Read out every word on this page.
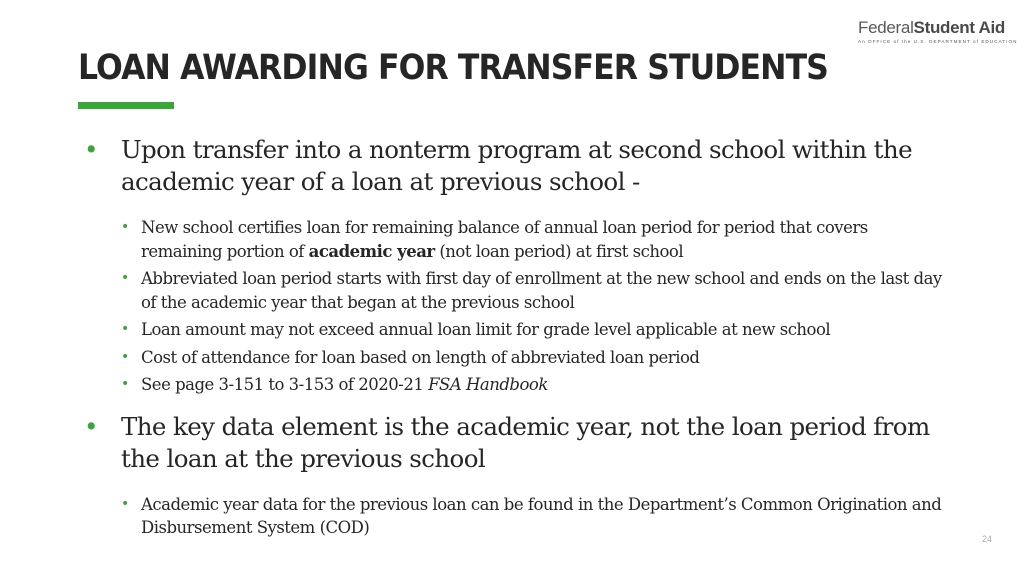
FederalStudent Aid
An OFFICE of the U.S. DEPARTMENT of EDUCATION
LOAN AWARDING FOR TRANSFER STUDENTS
• Upon transfer into a nonterm program at second school within the academic year of a loan at previous school -
• New school certifies loan for remaining balance of annual loan period for period that covers remaining portion of academic year (not loan period) at first school
• Abbreviated loan period starts with first day of enrollment at the new school and ends on the last day of the academic year that began at the previous school
• Loan amount may not exceed annual loan limit for grade level applicable at new school
• Cost of attendance for loan based on length of abbreviated loan period
• See page 3-151 to 3-153 of 2020-21 FSA Handbook
• The key data element is the academic year, not the loan period from the loan at the previous school
• Academic year data for the previous loan can be found in the Department’s Common Origination and Disbursement System (COD)
24
